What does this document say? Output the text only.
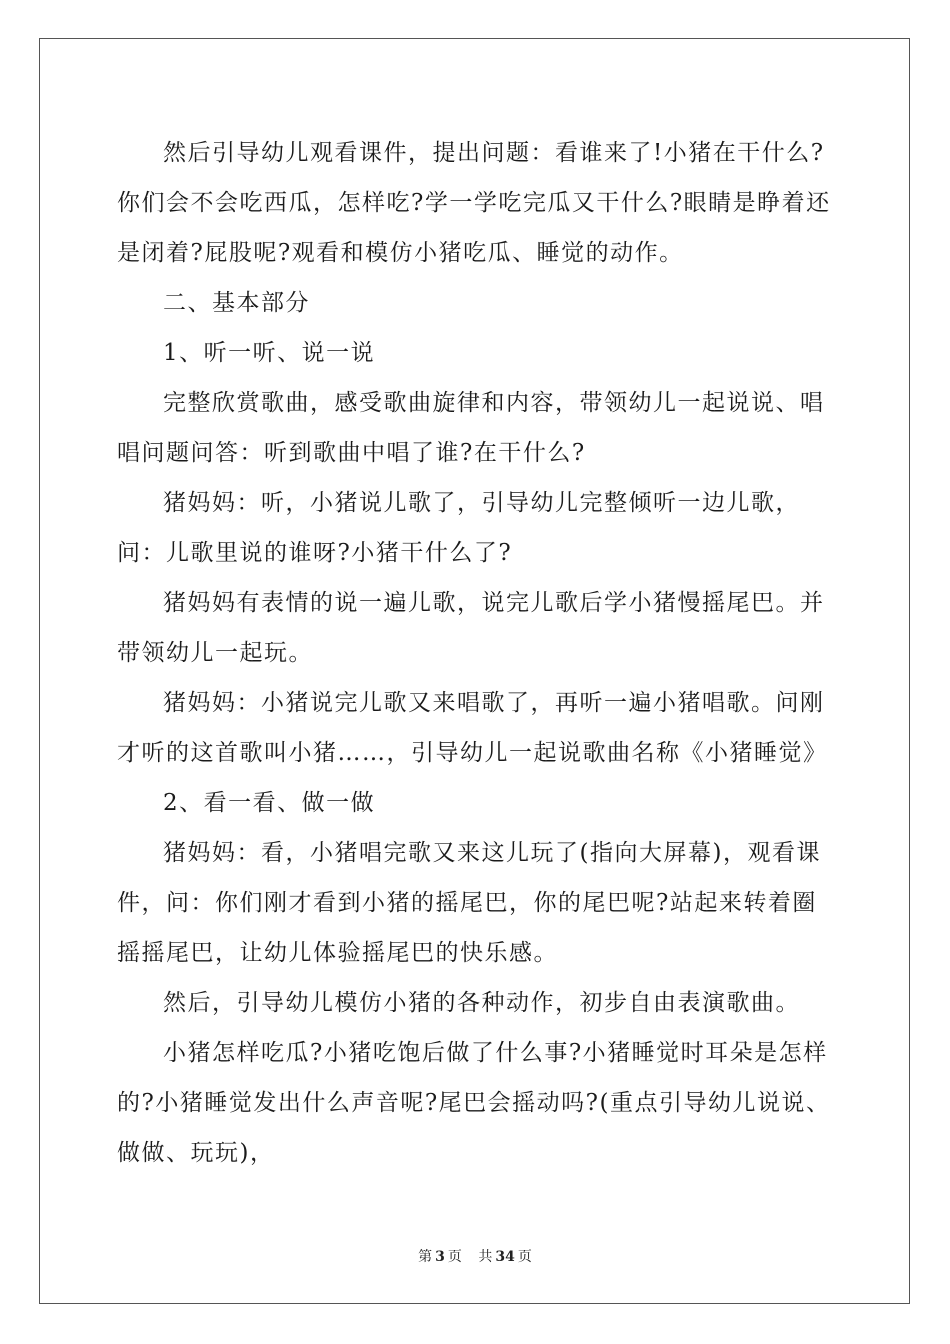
然后引导幼儿观看课件，提出问题：看谁来了!小猪在干什么?你们会不会吃西瓜，怎样吃?学一学吃完瓜又干什么?眼睛是睁着还是闭着?屁股呢?观看和模仿小猪吃瓜、睡觉的动作。

二、基本部分

1、听一听、说一说

完整欣赏歌曲，感受歌曲旋律和内容，带领幼儿一起说说、唱唱问题问答：听到歌曲中唱了谁?在干什么?

猪妈妈：听，小猪说儿歌了，引导幼儿完整倾听一边儿歌，问：儿歌里说的谁呀?小猪干什么了?

猪妈妈有表情的说一遍儿歌，说完儿歌后学小猪慢摇尾巴。并带领幼儿一起玩。

猪妈妈：小猪说完儿歌又来唱歌了，再听一遍小猪唱歌。问刚才听的这首歌叫小猪……，引导幼儿一起说歌曲名称《小猪睡觉》

2、看一看、做一做

猪妈妈：看，小猪唱完歌又来这儿玩了(指向大屏幕)，观看课件，问：你们刚才看到小猪的摇尾巴，你的尾巴呢?站起来转着圈摇摇尾巴，让幼儿体验摇尾巴的快乐感。

然后，引导幼儿模仿小猪的各种动作，初步自由表演歌曲。

小猪怎样吃瓜?小猪吃饱后做了什么事?小猪睡觉时耳朵是怎样的?小猪睡觉发出什么声音呢?尾巴会摇动吗?(重点引导幼儿说说、做做、玩玩)，

第 3 页 共 34 页
